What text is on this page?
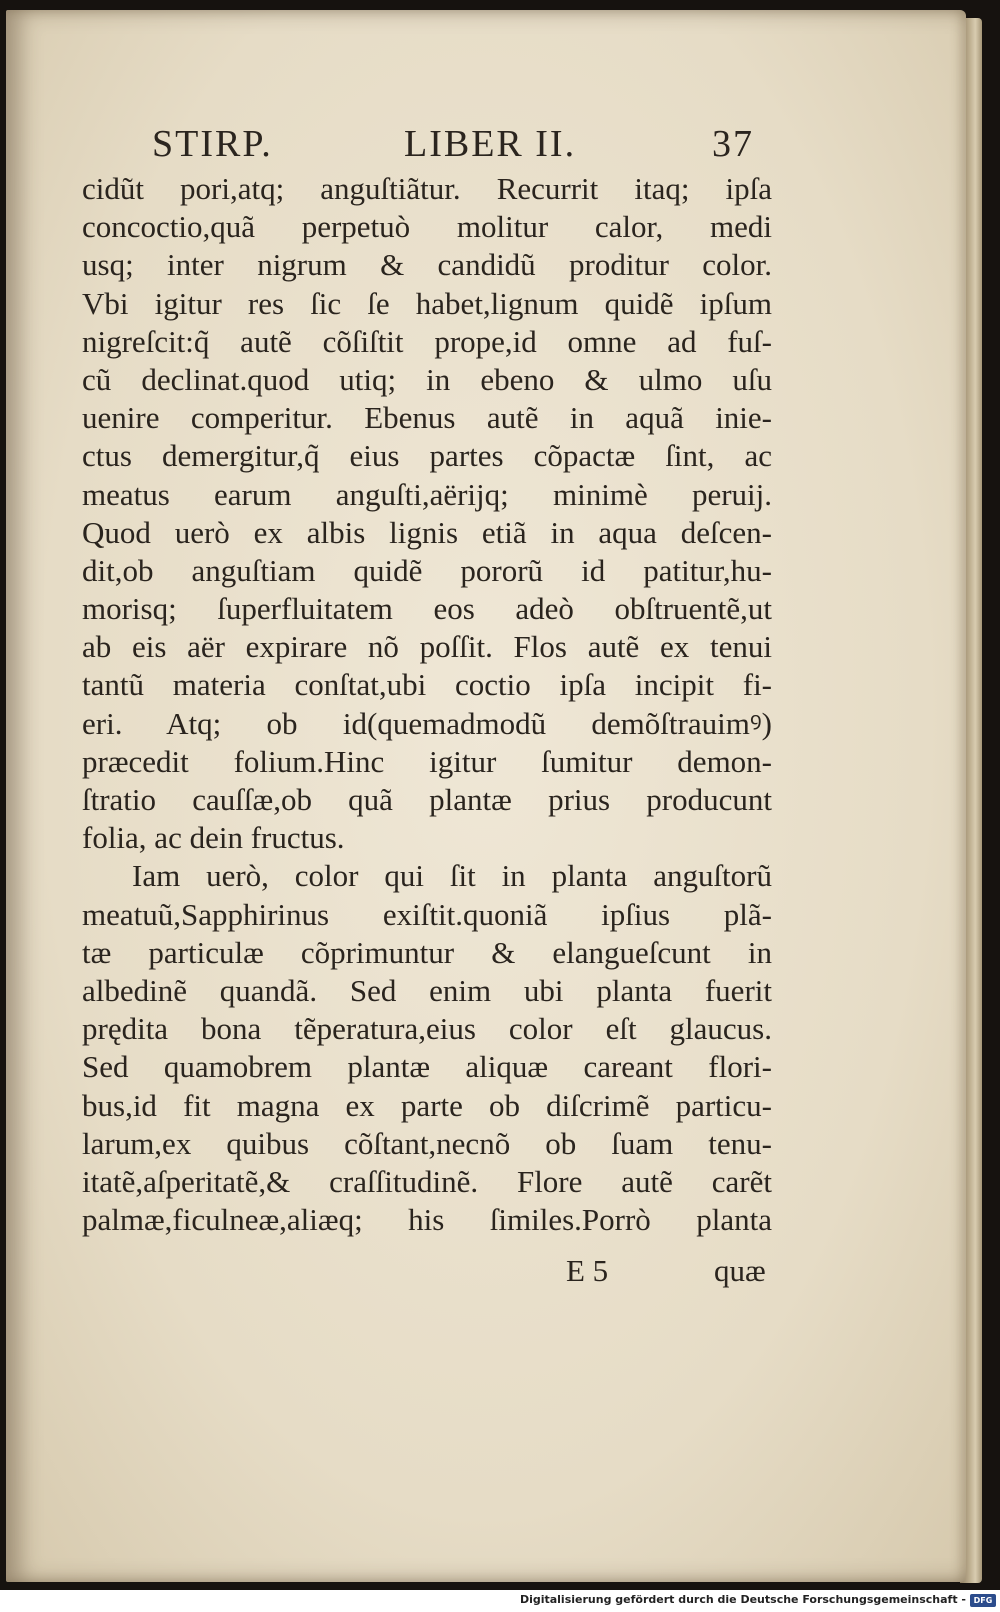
STIRP.	LIBER II.	37
cidũt pori,atq; anguſtiãtur. Recurrit itaq; ipſa
concoctio,quã perpetuò molitur calor, medi
usq; inter nigrum & candidũ proditur color.
Vbi igitur res ſic ſe habet,lignum quidẽ ipſum
nigreſcit:q̃ autẽ cõſiſtit prope,id omne ad fuſ-
cũ declinat.quod utiq; in ebeno & ulmo uſu
uenire comperitur. Ebenus autẽ in aquã inie-
ctus demergitur,q̃ eius partes cõpactæ ſint, ac
meatus earum anguſti,aërijq; minimè peruij.
Quod uerò ex albis lignis etiã in aqua deſcen-
dit,ob anguſtiam quidẽ pororũ id patitur,hu-
morisq; ſuperfluitatem eos adeò obſtruentẽ,ut
ab eis aër expirare nõ poſſit. Flos autẽ ex tenui
tantũ materia conſtat,ubi coctio ipſa incipit fi-
eri. Atq; ob id(quemadmodũ demõſtrauimꝰ)
præcedit folium.Hinc igitur ſumitur demon-
ſtratio cauſſæ,ob quã plantæ prius producunt
folia, ac dein fructus.
Iam uerò, color qui ſit in planta anguſtorũ
meatuũ,Sapphirinus exiſtit.quoniã ipſius plã-
tæ particulæ cõprimuntur & elangueſcunt in
albedinẽ quandã. Sed enim ubi planta fuerit
prędita bona tẽperatura,eius color eſt glaucus.
Sed quamobrem plantæ aliquæ careant flori-
bus,id fit magna ex parte ob diſcrimẽ particu-
larum,ex quibus cõſtant,necnõ ob ſuam tenu-
itatẽ,aſperitatẽ,& craſſitudinẽ. Flore autẽ carẽt
palmæ,ficulneæ,aliæq; his ſimiles.Porrò planta
E 5	quæ
Digitalisierung gefördert durch die Deutsche Forschungsgemeinschaft - DFG
